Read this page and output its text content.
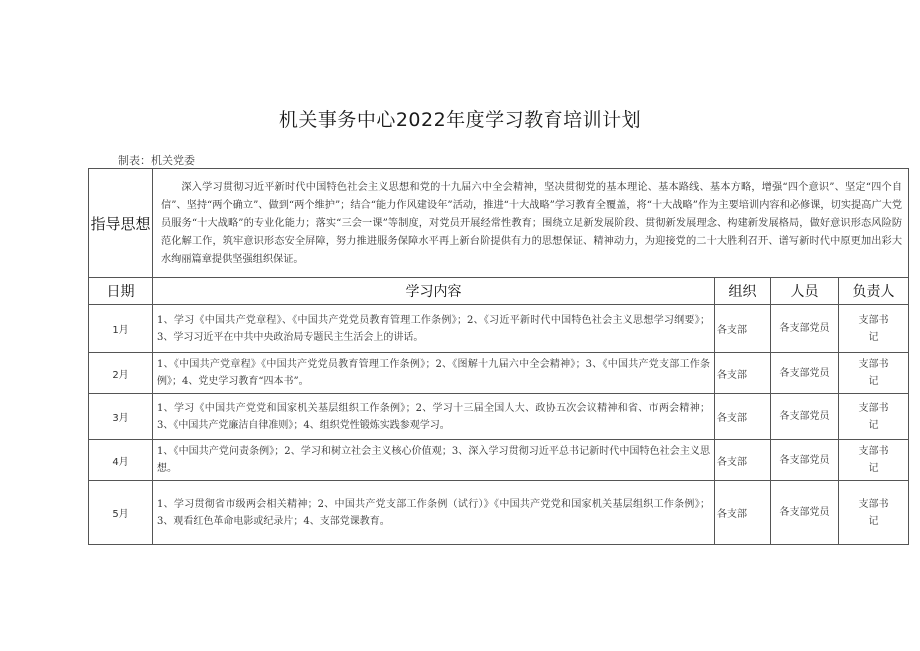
机关事务中心2022年度学习教育培训计划
制表：机关党委
指导思想	深入学习贯彻习近平新时代中国特色社会主义思想和党的十九届六中全会精神，坚决贯彻党的基本理论、基本路线、基本方略，增强“四个意识”、坚定“四个自信”、坚持“两个确立”、做到“两个维护”；结合“能力作风建设年”活动，推进“十大战略”学习教育全覆盖，将“十大战略”作为主要培训内容和必修课，切实提高广大党员服务“十大战略”的专业化能力；落实“三会一课”等制度，对党员开展经常性教育；围绕立足新发展阶段、贯彻新发展理念、构建新发展格局，做好意识形态风险防范化解工作，筑牢意识形态安全屏障，努力推进服务保障水平再上新台阶提供有力的思想保证、精神动力，为迎接党的二十大胜利召开、谱写新时代中原更加出彩大水绚丽篇章提供坚强组织保证。			
日期	学习内容	组织	人员	负责人
1月	1、学习《中国共产党章程》、《中国共产党党员教育管理工作条例》；2、《习近平新时代中国特色社会主义思想学习纲要》；3、学习习近平在中共中央政治局专题民主生活会上的讲话。	各支部	各支部党员	支部书记
2月	1、《中国共产党章程》《中国共产党党员教育管理工作条例》；2、《图解十九届六中全会精神》；3、《中国共产党支部工作条例》；4、党史学习教育“四本书”。	各支部	各支部党员	支部书记
3月	1、学习《中国共产党党和国家机关基层组织工作条例》；2、学习十三届全国人大、政协五次会议精神和省、市两会精神；3、《中国共产党廉洁自律准则》；4、组织党性锻炼实践参观学习。	各支部	各支部党员	支部书记
4月	1、《中国共产党问责条例》；2、学习和树立社会主义核心价值观；3、深入学习贯彻习近平总书记新时代中国特色社会主义思想。	各支部	各支部党员	支部书记
5月	1、学习贯彻省市级两会相关精神；2、中国共产党支部工作条例（试行）》《中国共产党党和国家机关基层组织工作条例》；3、观看红色革命电影或纪录片；4、支部党课教育。	各支部	各支部党员	支部书记
